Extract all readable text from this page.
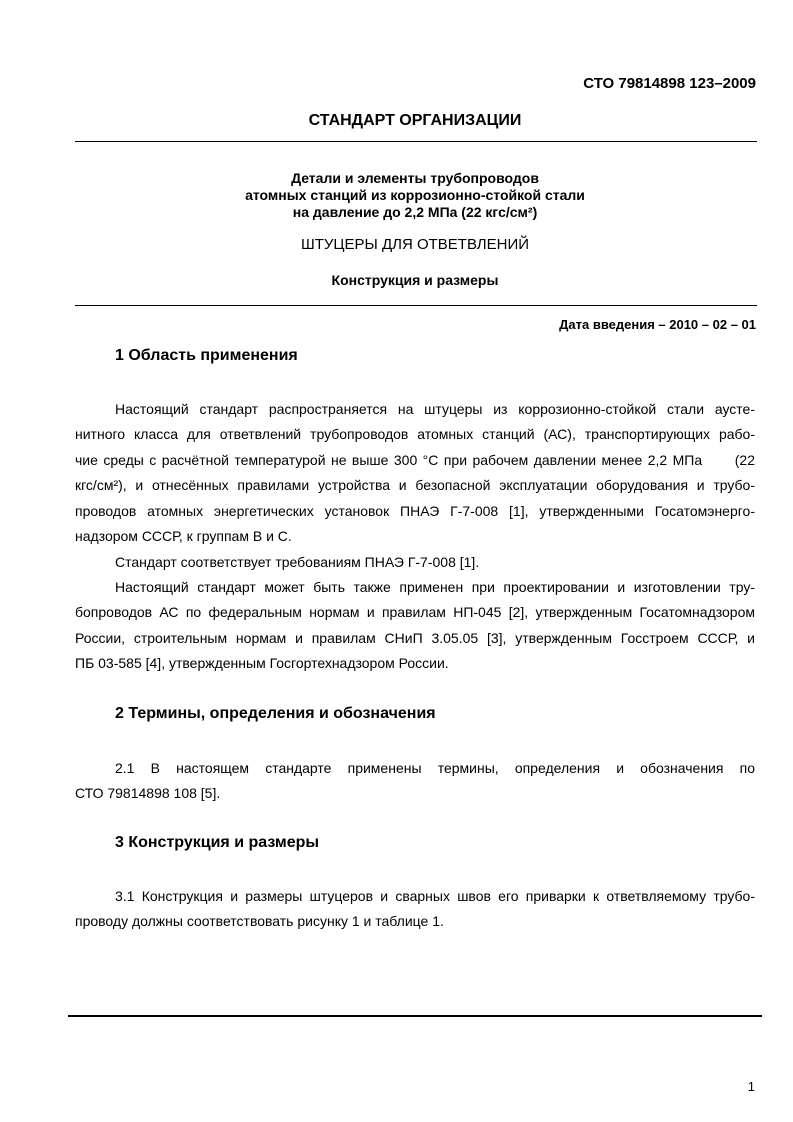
СТО 79814898 123–2009
СТАНДАРТ ОРГАНИЗАЦИИ
Детали и элементы трубопроводов
атомных станций из коррозионно-стойкой стали
на давление до 2,2 МПа (22 кгс/см²)
ШТУЦЕРЫ ДЛЯ ОТВЕТВЛЕНИЙ
Конструкция и размеры
Дата введения – 2010 – 02 – 01
1 Область применения
Настоящий стандарт распространяется на штуцеры из коррозионно-стойкой стали аусте-
нитного класса для ответвлений трубопроводов атомных станций (АС), транспортирующих рабо-
чие среды с расчётной температурой не выше 300 °С при рабочем давлении менее 2,2 МПа      (22
кгс/см²), и отнесённых правилами устройства и безопасной эксплуатации оборудования и трубо-
проводов атомных энергетических установок ПНАЭ Г-7-008 [1], утвержденными Госатомэнерго-
надзором СССР, к группам В и С.
Стандарт соответствует требованиям ПНАЭ Г-7-008 [1].
Настоящий стандарт может быть также применен при проектировании и изготовлении тру-
бопроводов АС по федеральным нормам и правилам НП-045 [2], утвержденным Госатомнадзором
России, строительным нормам и правилам СНиП 3.05.05 [3], утвержденным Госстроем СССР, и
ПБ 03-585 [4], утвержденным Госгортехнадзором России.
2 Термины, определения и обозначения
2.1 В настоящем стандарте применены термины, определения и обозначения по
СТО 79814898 108 [5].
3 Конструкция и размеры
3.1 Конструкция и размеры штуцеров и сварных швов его приварки к ответвляемому трубо-
проводу должны соответствовать рисунку 1 и таблице 1.
1
